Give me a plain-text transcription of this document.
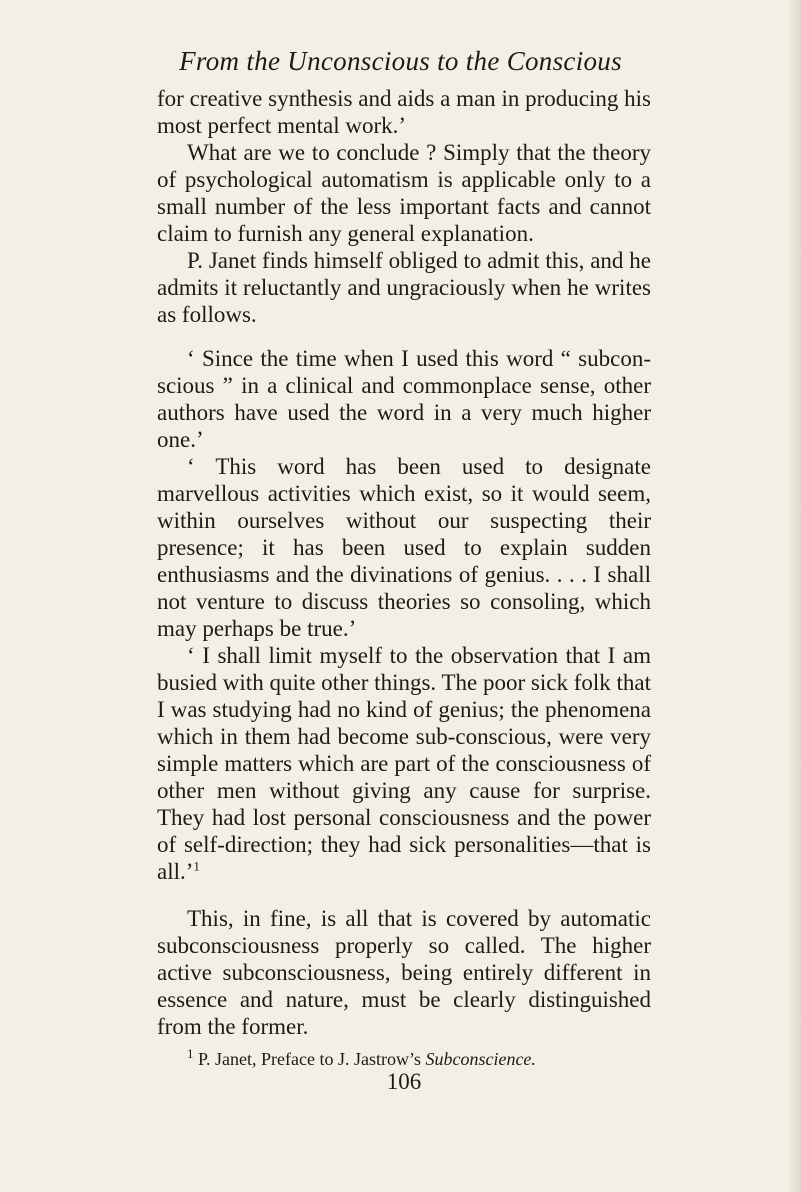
From the Unconscious to the Conscious

for creative synthesis and aids a man in producing his most perfect mental work.’

What are we to conclude ? Simply that the theory of psychological automatism is applicable only to a small number of the less important facts and cannot claim to furnish any general explanation.

P. Janet finds himself obliged to admit this, and he admits it reluctantly and ungraciously when he writes as follows.

‘ Since the time when I used this word “ subcon-scious ” in a clinical and commonplace sense, other authors have used the word in a very much higher one.’

‘ This word has been used to designate marvellous activities which exist, so it would seem, within ourselves without our suspecting their presence; it has been used to explain sudden enthusiasms and the divinations of genius. . . . I shall not venture to discuss theories so consoling, which may perhaps be true.’

‘ I shall limit myself to the observation that I am busied with quite other things. The poor sick folk that I was studying had no kind of genius; the phenomena which in them had become sub-conscious, were very simple matters which are part of the consciousness of other men without giving any cause for surprise. They had lost personal consciousness and the power of self-direction; they had sick personalities—that is all.’$^1$

This, in fine, is all that is covered by automatic subconsciousness properly so called. The higher active subconsciousness, being entirely different in essence and nature, must be clearly distinguished from the former.

$^1$ P. Janet, Preface to J. Jastrow’s Subconscience.

106
